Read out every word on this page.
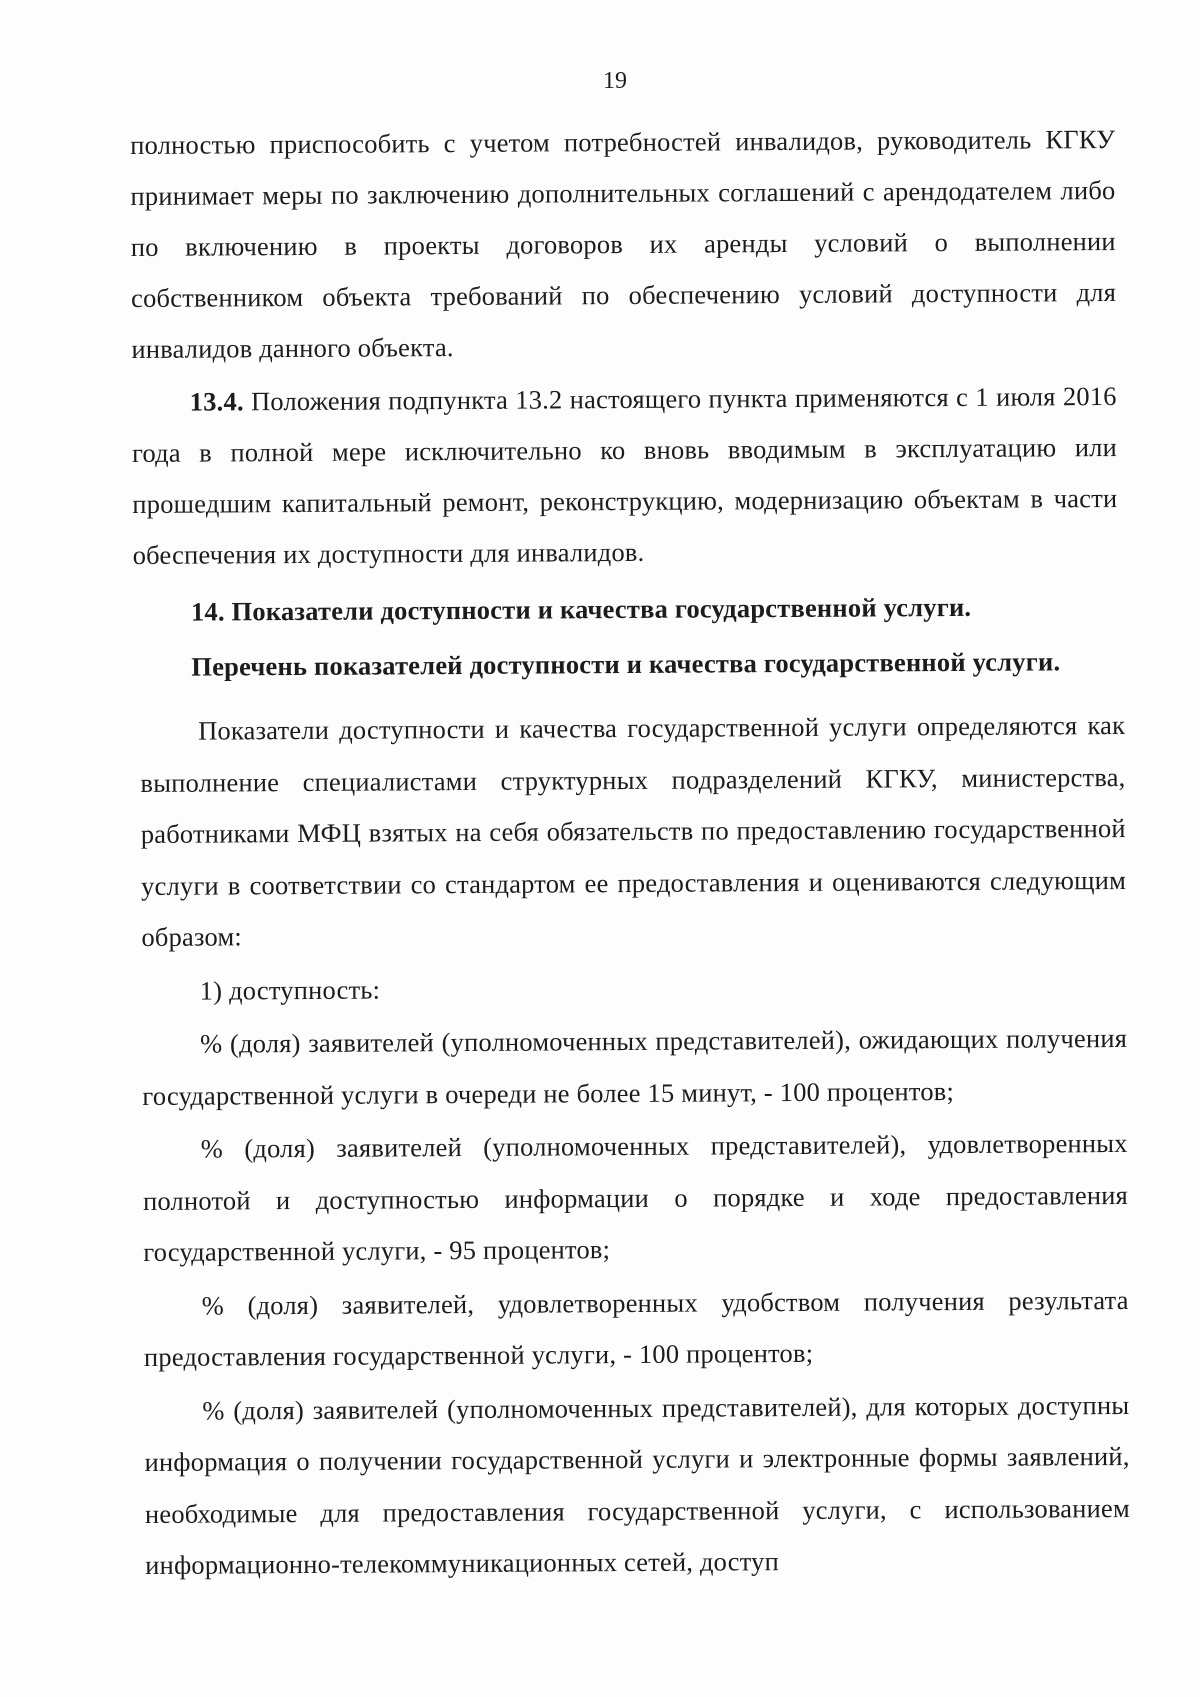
19

полностью приспособить с учетом потребностей инвалидов, руководитель КГКУ принимает меры по заключению дополнительных соглашений с арендодателем либо по включению в проекты договоров их аренды условий о выполнении собственником объекта требований по обеспечению условий доступности для инвалидов данного объекта.

13.4. Положения подпункта 13.2 настоящего пункта применяются с 1 июля 2016 года в полной мере исключительно ко вновь вводимым в эксплуатацию или прошедшим капитальный ремонт, реконструкцию, модернизацию объектам в части обеспечения их доступности для инвалидов.

14. Показатели доступности и качества государственной услуги.

Перечень показателей доступности и качества государственной услуги.

Показатели доступности и качества государственной услуги определяются как выполнение специалистами структурных подразделений КГКУ, министерства, работниками МФЦ взятых на себя обязательств по предоставлению государственной услуги в соответствии со стандартом ее предоставления и оцениваются следующим образом:

1) доступность:

% (доля) заявителей (уполномоченных представителей), ожидающих получения государственной услуги в очереди не более 15 минут, - 100 процентов;

% (доля) заявителей (уполномоченных представителей), удовлетворенных полнотой и доступностью информации о порядке и ходе предоставления государственной услуги, - 95 процентов;

% (доля) заявителей, удовлетворенных удобством получения результата предоставления государственной услуги, - 100 процентов;

% (доля) заявителей (уполномоченных представителей), для которых доступны информация о получении государственной услуги и электронные формы заявлений, необходимые для предоставления государственной услуги, с использованием информационно-телекоммуникационных сетей, доступ
